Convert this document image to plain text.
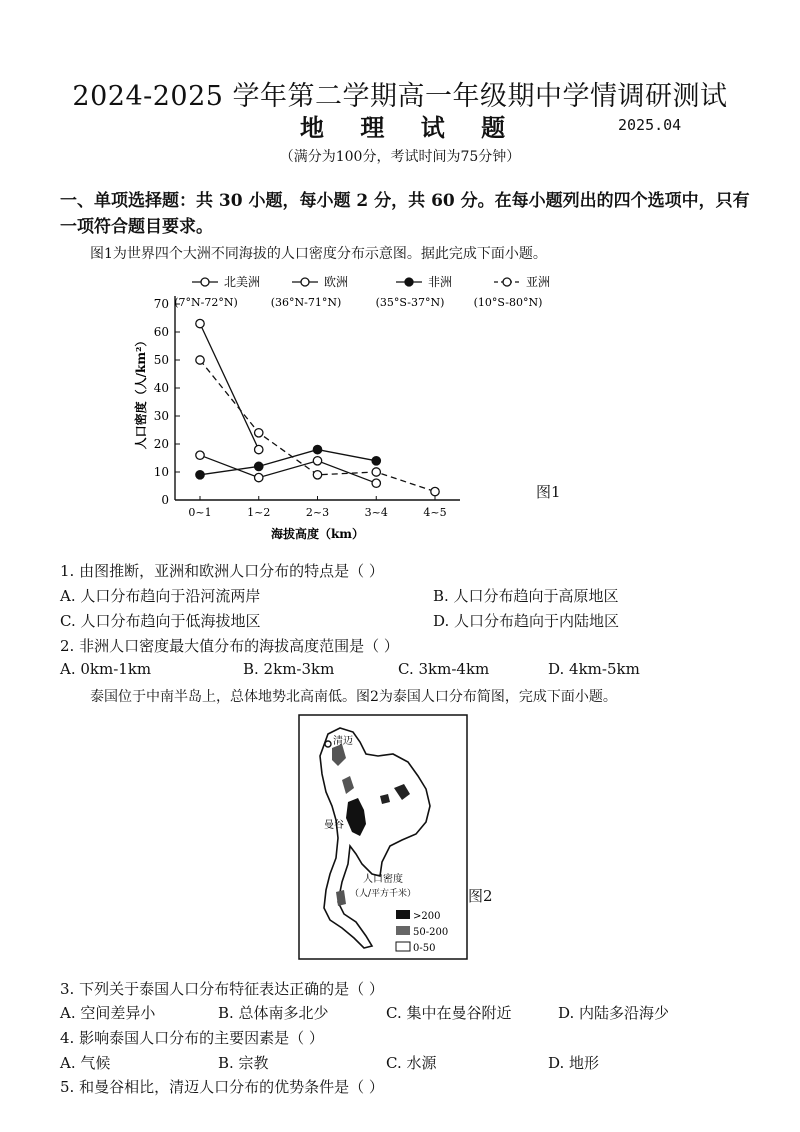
2024-2025 学年第二学期高一年级期中学情调研测试
地 理 试 题	2025.04
（满分为100分，考试时间为75分钟）
一、单项选择题：共 30 小题，每小题 2 分，共 60 分。在每小题列出的四个选项中，只有一项符合题目要求。
图1为世界四个大洲不同海拔的人口密度分布示意图。据此完成下面小题。
0
10
20
30
40
50
60
70
0~1	1~2	2~3	3~4	4~5
海拔高度（km）
人口密度（人/km²）
北美洲
(7°N-72°N)
欧洲
(36°N-71°N)
非洲
(35°S-37°N)
亚洲
(10°S-80°N)
图1
1. 由图推断，亚洲和欧洲人口分布的特点是（ ）
A. 人口分布趋向于沿河流两岸	B. 人口分布趋向于高原地区
C. 人口分布趋向于低海拔地区	D. 人口分布趋向于内陆地区
2. 非洲人口密度最大值分布的海拔高度范围是（ ）
A. 0km-1km	B. 2km-3km	C. 3km-4km	D. 4km-5km
泰国位于中南半岛上，总体地势北高南低。图2为泰国人口分布简图，完成下面小题。
清迈
曼谷
人口密度
（人/平方千米）
>200
50-200
0-50
图2
3. 下列关于泰国人口分布特征表达正确的是（ ）
A. 空间差异小	B. 总体南多北少	C. 集中在曼谷附近	D. 内陆多沿海少
4. 影响泰国人口分布的主要因素是（ ）
A. 气候	B. 宗教	C. 水源	D. 地形
5. 和曼谷相比，清迈人口分布的优势条件是（ ）
